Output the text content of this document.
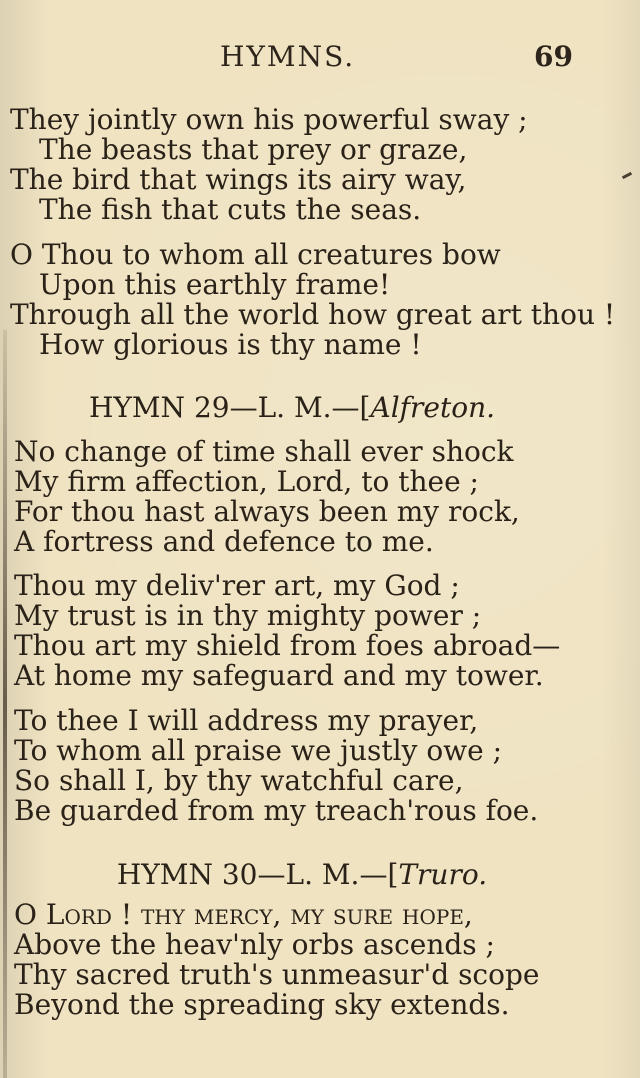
HYMNS.	69
They jointly own his powerful sway ;
The beasts that prey or graze,
The bird that wings its airy way,
The fish that cuts the seas.
O Thou to whom all creatures bow
Upon this earthly frame!
Through all the world how great art thou !
How glorious is thy name !
HYMN 29—L. M.—[Alfreton.
No change of time shall ever shock
My firm affection, Lord, to thee ;
For thou hast always been my rock,
A fortress and defence to me.
Thou my deliv'rer art, my God ;
My trust is in thy mighty power ;
Thou art my shield from foes abroad—
At home my safeguard and my tower.
To thee I will address my prayer,
To whom all praise we justly owe ;
So shall I, by thy watchful care,
Be guarded from my treach'rous foe.
HYMN 30—L. M.—[Truro.
O Lord ! thy mercy, my sure hope,
Above the heav'nly orbs ascends ;
Thy sacred truth's unmeasur'd scope
Beyond the spreading sky extends.
